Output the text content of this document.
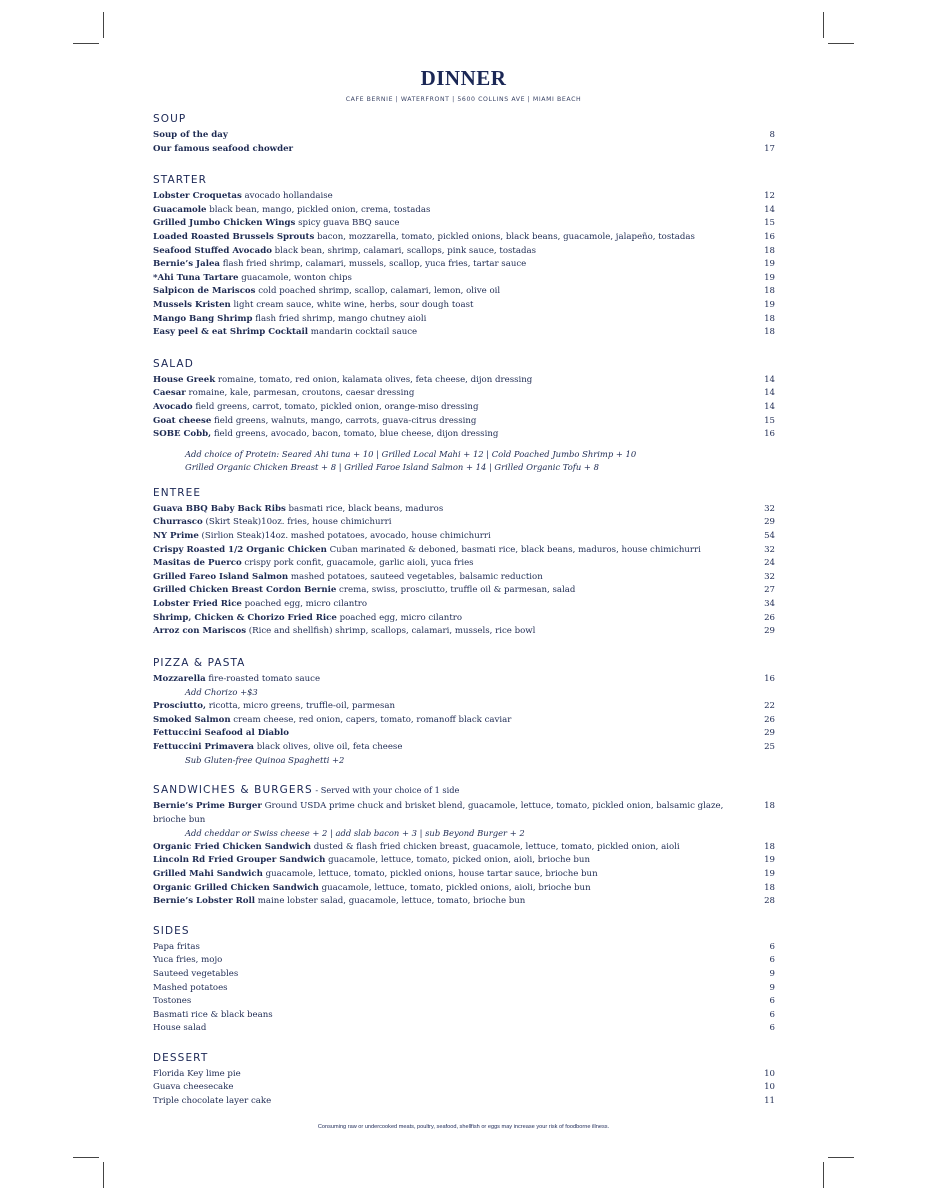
DINNER
CAFE BERNIE | WATERFRONT | 5600 COLLINS AVE | MIAMI BEACH
SOUP
Soup of the day	8
Our famous seafood chowder	17
STARTER
Lobster Croquetas avocado hollandaise	12
Guacamole black bean, mango, pickled onion, crema, tostadas	14
Grilled Jumbo Chicken Wings spicy guava BBQ sauce	15
Loaded Roasted Brussels Sprouts bacon, mozzarella, tomato, pickled onions, black beans, guacamole, jalapeño, tostadas	16
Seafood Stuffed Avocado black bean, shrimp, calamari, scallops, pink sauce, tostadas	18
Bernie’s Jalea flash fried shrimp, calamari, mussels, scallop, yuca fries, tartar sauce	19
*Ahi Tuna Tartare guacamole, wonton chips	19
Salpicon de Mariscos cold poached shrimp, scallop, calamari, lemon, olive oil	18
Mussels Kristen light cream sauce, white wine, herbs, sour dough toast	19
Mango Bang Shrimp flash fried shrimp, mango chutney aioli	18
Easy peel & eat Shrimp Cocktail mandarin cocktail sauce	18
SALAD
House Greek romaine, tomato, red onion, kalamata olives, feta cheese, dijon dressing	14
Caesar romaine, kale, parmesan, croutons, caesar dressing	14
Avocado field greens, carrot, tomato, pickled onion, orange-miso dressing	14
Goat cheese field greens, walnuts, mango, carrots, guava-citrus dressing	15
SOBE Cobb, field greens, avocado, bacon, tomato, blue cheese, dijon dressing	16
Add choice of Protein: Seared Ahi tuna + 10 | Grilled Local Mahi + 12 | Cold Poached Jumbo Shrimp + 10
Grilled Organic Chicken Breast + 8 | Grilled Faroe Island Salmon + 14 | Grilled Organic Tofu + 8
ENTREE
Guava BBQ Baby Back Ribs basmati rice, black beans, maduros	32
Churrasco (Skirt Steak)10oz. fries, house chimichurri	29
NY Prime (Sirlion Steak)14oz. mashed potatoes, avocado, house chimichurri	54
Crispy Roasted 1/2 Organic Chicken Cuban marinated & deboned, basmati rice, black beans, maduros, house chimichurri	32
Masitas de Puerco crispy pork confit, guacamole, garlic aioli, yuca fries	24
Grilled Fareo Island Salmon mashed potatoes, sauteed vegetables, balsamic reduction	32
Grilled Chicken Breast Cordon Bernie crema, swiss, prosciutto, truffle oil & parmesan, salad	27
Lobster Fried Rice poached egg, micro cilantro	34
Shrimp, Chicken & Chorizo Fried Rice poached egg, micro cilantro	26
Arroz con Mariscos (Rice and shellfish) shrimp, scallops, calamari, mussels, rice bowl	29
PIZZA & PASTA
Mozzarella fire-roasted tomato sauce	16
Add Chorizo +$3
Prosciutto, ricotta, micro greens, truffle-oil, parmesan	22
Smoked Salmon cream cheese, red onion, capers, tomato, romanoff black caviar	26
Fettuccini Seafood al Diablo	29
Fettuccini Primavera black olives, olive oil, feta cheese	25
Sub Gluten-free Quinoa Spaghetti +2
SANDWICHES & BURGERS - Served with your choice of 1 side
Bernie’s Prime Burger Ground USDA prime chuck and brisket blend, guacamole, lettuce, tomato, pickled onion, balsamic glaze, brioche bun
18
Add cheddar or Swiss cheese + 2 | add slab bacon + 3 | sub Beyond Burger + 2
Organic Fried Chicken Sandwich dusted & flash fried chicken breast, guacamole, lettuce, tomato, pickled onion, aioli	18
Lincoln Rd Fried Grouper Sandwich guacamole, lettuce, tomato, picked onion, aioli, brioche bun	19
Grilled Mahi Sandwich guacamole, lettuce, tomato, pickled onions, house tartar sauce, brioche bun	19
Organic Grilled Chicken Sandwich guacamole, lettuce, tomato, pickled onions, aioli, brioche bun	18
Bernie’s Lobster Roll maine lobster salad, guacamole, lettuce, tomato, brioche bun	28
SIDES
Papa fritas	6
Yuca fries, mojo	6
Sauteed vegetables	9
Mashed potatoes	9
Tostones	6
Basmati rice & black beans	6
House salad	6
DESSERT
Florida Key lime pie	10
Guava cheesecake	10
Triple chocolate layer cake	11
Consuming raw or undercooked meats, poultry, seafood, shellfish or eggs may increase your risk of foodborne illness.
